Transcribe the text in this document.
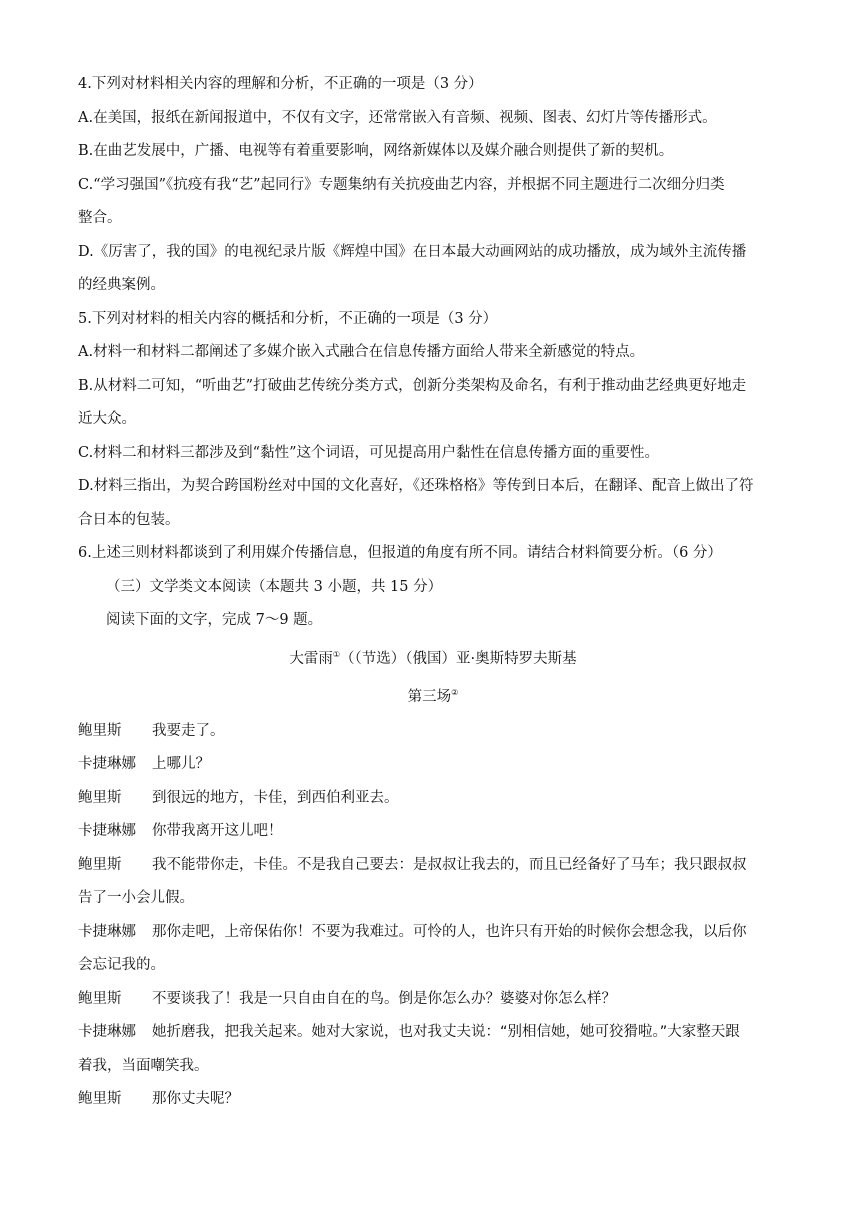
4.下列对材料相关内容的理解和分析，不正确的一项是（3 分）
A.在美国，报纸在新闻报道中，不仅有文字，还常常嵌入有音频、视频、图表、幻灯片等传播形式。
B.在曲艺发展中，广播、电视等有着重要影响，网络新媒体以及媒介融合则提供了新的契机。
C.“学习强国”《抗疫有我“艺”起同行》专题集纳有关抗疫曲艺内容，并根据不同主题进行二次细分归类
整合。
D.《厉害了，我的国》的电视纪录片版《辉煌中国》在日本最大动画网站的成功播放，成为域外主流传播
的经典案例。
5.下列对材料的相关内容的概括和分析，不正确的一项是（3 分）
A.材料一和材料二都阐述了多媒介嵌入式融合在信息传播方面给人带来全新感觉的特点。
B.从材料二可知，“听曲艺”打破曲艺传统分类方式，创新分类架构及命名，有利于推动曲艺经典更好地走
近大众。
C.材料二和材料三都涉及到“黏性”这个词语，可见提高用户黏性在信息传播方面的重要性。
D.材料三指出，为契合跨国粉丝对中国的文化喜好，《还珠格格》等传到日本后，在翻译、配音上做出了符
合日本的包装。
6.上述三则材料都谈到了利用媒介传播信息，但报道的角度有所不同。请结合材料简要分析。（6 分）
（三）文学类文本阅读（本题共 3 小题，共 15 分）
阅读下面的文字，完成 7～9 题。
大雷雨①（（节选）（俄国）亚·奥斯特罗夫斯基
第三场②
鲍里斯	我要走了。
卡捷琳娜	上哪儿？
鲍里斯	到很远的地方，卡佳，到西伯利亚去。
卡捷琳娜	你带我离开这儿吧！
鲍里斯	我不能带你走，卡佳。不是我自己要去：是叔叔让我去的，而且已经备好了马车；我只跟叔叔
告了一小会儿假。
卡捷琳娜	那你走吧，上帝保佑你！不要为我难过。可怜的人，也许只有开始的时候你会想念我，以后你
会忘记我的。
鲍里斯	不要谈我了！我是一只自由自在的鸟。倒是你怎么办？婆婆对你怎么样？
卡捷琳娜	她折磨我，把我关起来。她对大家说，也对我丈夫说：“别相信她，她可狡猾啦。”大家整天跟
着我，当面嘲笑我。
鲍里斯	那你丈夫呢？
